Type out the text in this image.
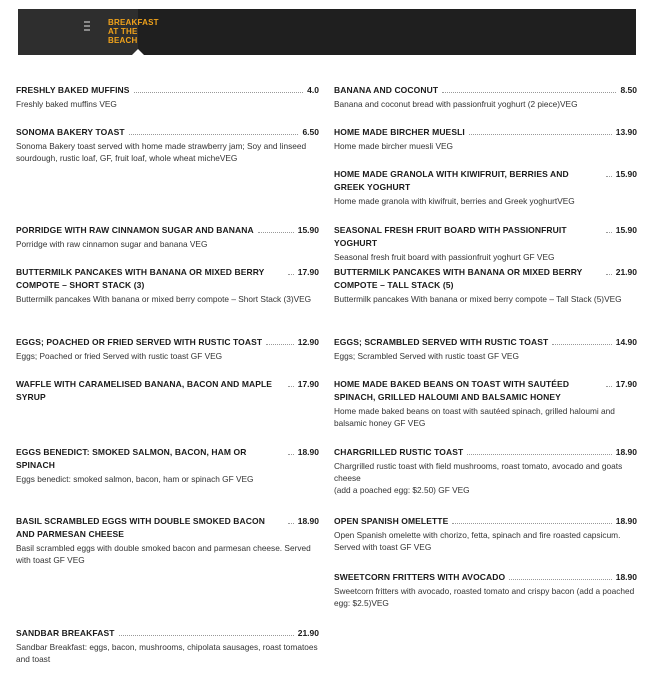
BREAKFAST
AT THE
BEACH
FRESHLY BAKED MUFFINS	4.0
Freshly baked muffins VEG
SONOMA BAKERY TOAST	6.50
Sonoma Bakery toast served with home made strawberry jam; Soy and linseed sourdough, rustic loaf, GF, fruit loaf, whole wheat micheVEG
PORRIDGE WITH RAW CINNAMON SUGAR AND BANANA	15.90
Porridge with raw cinnamon sugar and banana VEG
BUTTERMILK PANCAKES WITH BANANA OR MIXED BERRY COMPOTE – SHORT STACK (3)
17.90
Buttermilk pancakes With banana or mixed berry compote – Short Stack (3)VEG
EGGS; POACHED OR FRIED SERVED WITH RUSTIC TOAST	12.90
Eggs; Poached or fried Served with rustic toast GF VEG
WAFFLE WITH CARAMELISED BANANA, BACON AND MAPLE SYRUP
17.90
EGGS BENEDICT: SMOKED SALMON, BACON, HAM OR SPINACH
18.90
Eggs benedict: smoked salmon, bacon, ham or spinach GF VEG
BASIL SCRAMBLED EGGS WITH DOUBLE SMOKED BACON AND PARMESAN CHEESE
18.90
Basil scrambled eggs with double smoked bacon and parmesan cheese. Served with toast GF VEG
SANDBAR BREAKFAST	21.90
Sandbar Breakfast: eggs, bacon, mushrooms, chipolata sausages, roast tomatoes and toast
BANANA AND COCONUT	8.50
Banana and coconut bread with passionfruit yoghurt (2 piece)VEG
HOME MADE BIRCHER MUESLI	13.90
Home made bircher muesli VEG
HOME MADE GRANOLA WITH KIWIFRUIT, BERRIES AND GREEK YOGHURT
15.90
Home made granola with kiwifruit, berries and Greek yoghurtVEG
SEASONAL FRESH FRUIT BOARD WITH PASSIONFRUIT YOGHURT
15.90
Seasonal fresh fruit board with passionfruit yoghurt GF VEG
BUTTERMILK PANCAKES WITH BANANA OR MIXED BERRY COMPOTE – TALL STACK (5)
21.90
Buttermilk pancakes With banana or mixed berry compote – Tall Stack (5)VEG
EGGS; SCRAMBLED SERVED WITH RUSTIC TOAST	14.90
Eggs; Scrambled Served with rustic toast GF VEG
HOME MADE BAKED BEANS ON TOAST WITH SAUTÉED SPINACH, GRILLED HALOUMI AND BALSAMIC HONEY
17.90
Home made baked beans on toast with sautéed spinach, grilled haloumi and balsamic honey GF VEG
CHARGRILLED RUSTIC TOAST	18.90
Chargrilled rustic toast with field mushrooms, roast tomato, avocado and goats cheese
(add a poached egg: $2.50) GF VEG
OPEN SPANISH OMELETTE	18.90
Open Spanish omelette with chorizo, fetta, spinach and fire roasted capsicum. Served with toast GF VEG
SWEETCORN FRITTERS WITH AVOCADO	18.90
Sweetcorn fritters with avocado, roasted tomato and crispy bacon (add a poached egg: $2.5)VEG
